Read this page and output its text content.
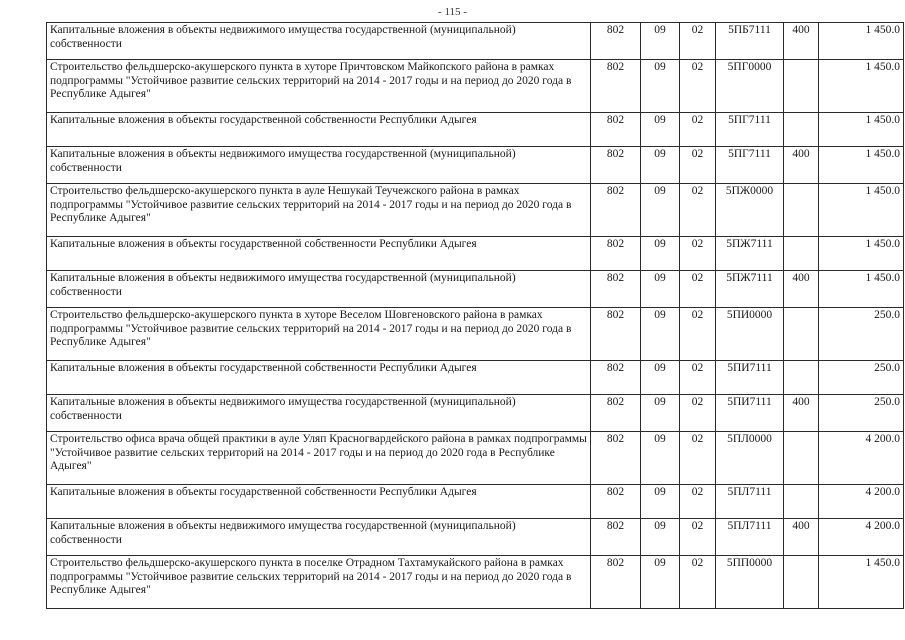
- 115 -
Капитальные вложения в объекты недвижимого имущества государственной (муниципальной) собственности	802	09	02	5ПБ7111	400	1 450.0
Строительство фельдшерско-акушерского пункта в хуторе Причтовском Майкопского района в рамках подпрограммы "Устойчивое развитие сельских территорий на 2014 - 2017 годы и на период до 2020 года в Республике Адыгея"	802	09	02	5ПГ0000		1 450.0
Капитальные вложения в объекты государственной собственности Республики Адыгея	802	09	02	5ПГ7111		1 450.0
Капитальные вложения в объекты недвижимого имущества государственной (муниципальной) собственности	802	09	02	5ПГ7111	400	1 450.0
Строительство фельдшерско-акушерского пункта в ауле Нешукай Теучежского района в рамках подпрограммы "Устойчивое развитие сельских территорий на 2014 - 2017 годы и на период до 2020 года в Республике Адыгея"	802	09	02	5ПЖ0000		1 450.0
Капитальные вложения в объекты государственной собственности Республики Адыгея	802	09	02	5ПЖ7111		1 450.0
Капитальные вложения в объекты недвижимого имущества государственной (муниципальной) собственности	802	09	02	5ПЖ7111	400	1 450.0
Строительство фельдшерско-акушерского пункта в хуторе Веселом Шовгеновского района в рамках подпрограммы "Устойчивое развитие сельских территорий на 2014 - 2017 годы и на период до 2020 года в Республике Адыгея"	802	09	02	5ПИ0000		250.0
Капитальные вложения в объекты государственной собственности Республики Адыгея	802	09	02	5ПИ7111		250.0
Капитальные вложения в объекты недвижимого имущества государственной (муниципальной) собственности	802	09	02	5ПИ7111	400	250.0
Строительство офиса врача общей практики в ауле Уляп Красногвардейского района в рамках подпрограммы "Устойчивое развитие сельских территорий на 2014 - 2017 годы и на период до 2020 года в Республике Адыгея"	802	09	02	5ПЛ0000		4 200.0
Капитальные вложения в объекты государственной собственности Республики Адыгея	802	09	02	5ПЛ7111		4 200.0
Капитальные вложения в объекты недвижимого имущества государственной (муниципальной) собственности	802	09	02	5ПЛ7111	400	4 200.0
Строительство фельдшерско-акушерского пункта в поселке Отрадном Тахтамукайского района в рамках подпрограммы "Устойчивое развитие сельских территорий на 2014 - 2017 годы и на период до 2020 года в Республике Адыгея"	802	09	02	5ПП0000		1 450.0
